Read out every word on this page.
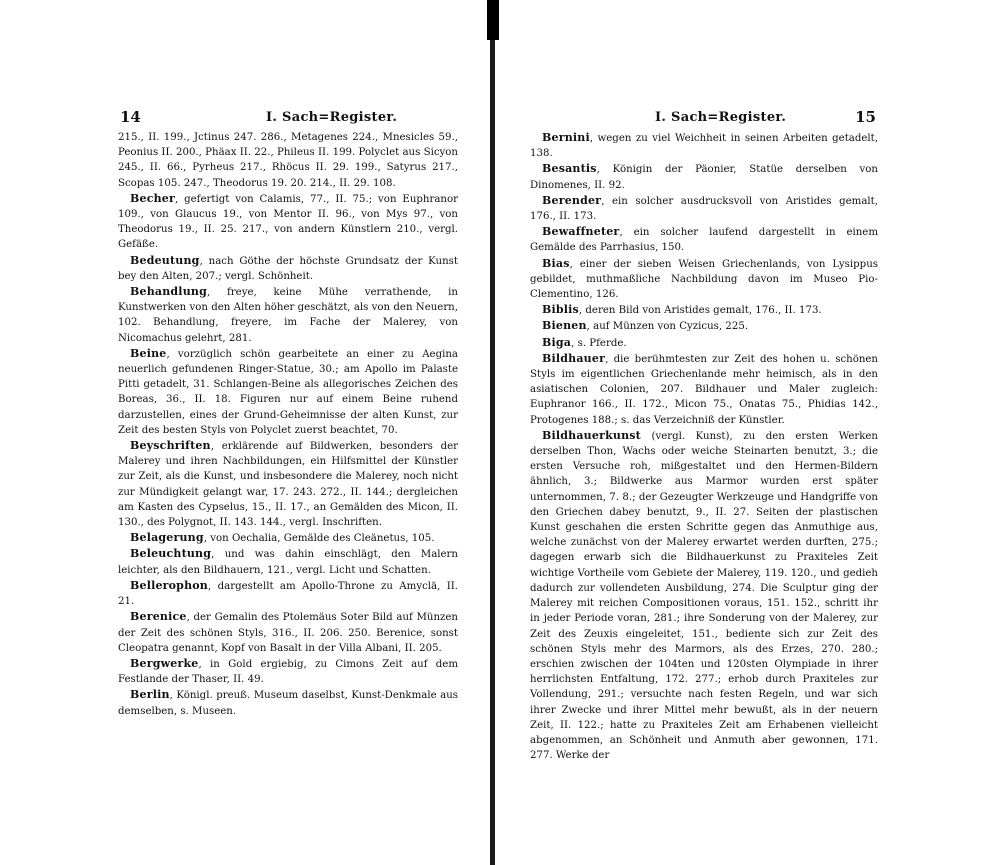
14	I. Sach=Register.

215., II. 199., Jctinus 247. 286., Metagenes 224., Mnesicles 59., Peonius II. 200., Phäax II. 22., Phileus II. 199. Polyclet aus Sicyon 245., II. 66., Pyrheus 217., Rhöcus II. 29. 199., Satyrus 217., Scopas 105. 247., Theodorus 19. 20. 214., II. 29. 108.

Becher, gefertigt von Calamis, 77., II. 75.; von Euphranor 109., von Glaucus 19., von Mentor II. 96., von Mys 97., von Theodorus 19., II. 25. 217., von andern Künstlern 210., vergl. Gefäße.

Bedeutung, nach Göthe der höchste Grundsatz der Kunst bey den Alten, 207.; vergl. Schönheit.

Behandlung, freye, keine Mühe verrathende, in Kunstwerken von den Alten höher geschätzt, als von den Neuern, 102. Behandlung, freyere, im Fache der Malerey, von Nicomachus gelehrt, 281.

Beine, vorzüglich schön gearbeitete an einer zu Aegina neuerlich gefundenen Ringer-Statue, 30.; am Apollo im Palaste Pitti getadelt, 31. Schlangen-Beine als allegorisches Zeichen des Boreas, 36., II. 18. Figuren nur auf einem Beine ruhend darzustellen, eines der Grund-Geheimnisse der alten Kunst, zur Zeit des besten Styls von Polyclet zuerst beachtet, 70.

Beyschriften, erklärende auf Bildwerken, besonders der Malerey und ihren Nachbildungen, ein Hilfsmittel der Künstler zur Zeit, als die Kunst, und insbesondere die Malerey, noch nicht zur Mündigkeit gelangt war, 17. 243. 272., II. 144.; dergleichen am Kasten des Cypselus, 15., II. 17., an Gemälden des Micon, II. 130., des Polygnot, II. 143. 144., vergl. Inschriften.

Belagerung, von Oechalia, Gemälde des Cleänetus, 105.

Beleuchtung, und was dahin einschlägt, den Malern leichter, als den Bildhauern, 121., vergl. Licht und Schatten.

Bellerophon, dargestellt am Apollo-Throne zu Amyclä, II. 21.

Berenice, der Gemalin des Ptolemäus Soter Bild auf Münzen der Zeit des schönen Styls, 316., II. 206. 250. Berenice, sonst Cleopatra genannt, Kopf von Basalt in der Villa Albani, II. 205.

Bergwerke, in Gold ergiebig, zu Cimons Zeit auf dem Festlande der Thaser, II. 49.

Berlin, Königl. preuß. Museum daselbst, Kunst-Denkmale aus demselben, s. Museen.

I. Sach=Register.	15

Bernini, wegen zu viel Weichheit in seinen Arbeiten getadelt, 138.

Besantis, Königin der Päonier, Statüe derselben von Dinomenes, II. 92.

Berender, ein solcher ausdrucksvoll von Aristides gemalt, 176., II. 173.

Bewaffneter, ein solcher laufend dargestellt in einem Gemälde des Parrhasius, 150.

Bias, einer der sieben Weisen Griechenlands, von Lysippus gebildet, muthmaßliche Nachbildung davon im Museo Pio-Clementino, 126.

Biblis, deren Bild von Aristides gemalt, 176., II. 173.

Bienen, auf Münzen von Cyzicus, 225.

Biga, s. Pferde.

Bildhauer, die berühmtesten zur Zeit des hohen u. schönen Styls im eigentlichen Griechenlande mehr heimisch, als in den asiatischen Colonien, 207. Bildhauer und Maler zugleich: Euphranor 166., II. 172., Micon 75., Onatas 75., Phidias 142., Protogenes 188.; s. das Verzeichniß der Künstler.

Bildhauerkunst (vergl. Kunst), zu den ersten Werken derselben Thon, Wachs oder weiche Steinarten benutzt, 3.; die ersten Versuche roh, mißgestaltet und den Hermen-Bildern ähnlich, 3.; Bildwerke aus Marmor wurden erst später unternommen, 7. 8.; der Gezeugter Werkzeuge und Handgriffe von den Griechen dabey benutzt, 9., II. 27. Seiten der plastischen Kunst geschahen die ersten Schritte gegen das Anmuthige aus, welche zunächst von der Malerey erwartet werden durften, 275.; dagegen erwarb sich die Bildhauerkunst zu Praxiteles Zeit wichtige Vortheile vom Gebiete der Malerey, 119. 120., und gedieh dadurch zur vollendeten Ausbildung, 274. Die Sculptur ging der Malerey mit reichen Compositionen voraus, 151. 152., schritt ihr in jeder Periode voran, 281.; ihre Sonderung von der Malerey, zur Zeit des Zeuxis eingeleitet, 151., bediente sich zur Zeit des schönen Styls mehr des Marmors, als des Erzes, 270. 280.; erschien zwischen der 104ten und 120sten Olympiade in ihrer herrlichsten Entfaltung, 172. 277.; erhob durch Praxiteles zur Vollendung, 291.; versuchte nach festen Regeln, und war sich ihrer Zwecke und ihrer Mittel mehr bewußt, als in der neuern Zeit, II. 122.; hatte zu Praxiteles Zeit am Erhabenen vielleicht abgenommen, an Schönheit und Anmuth aber gewonnen, 171. 277. Werke der
